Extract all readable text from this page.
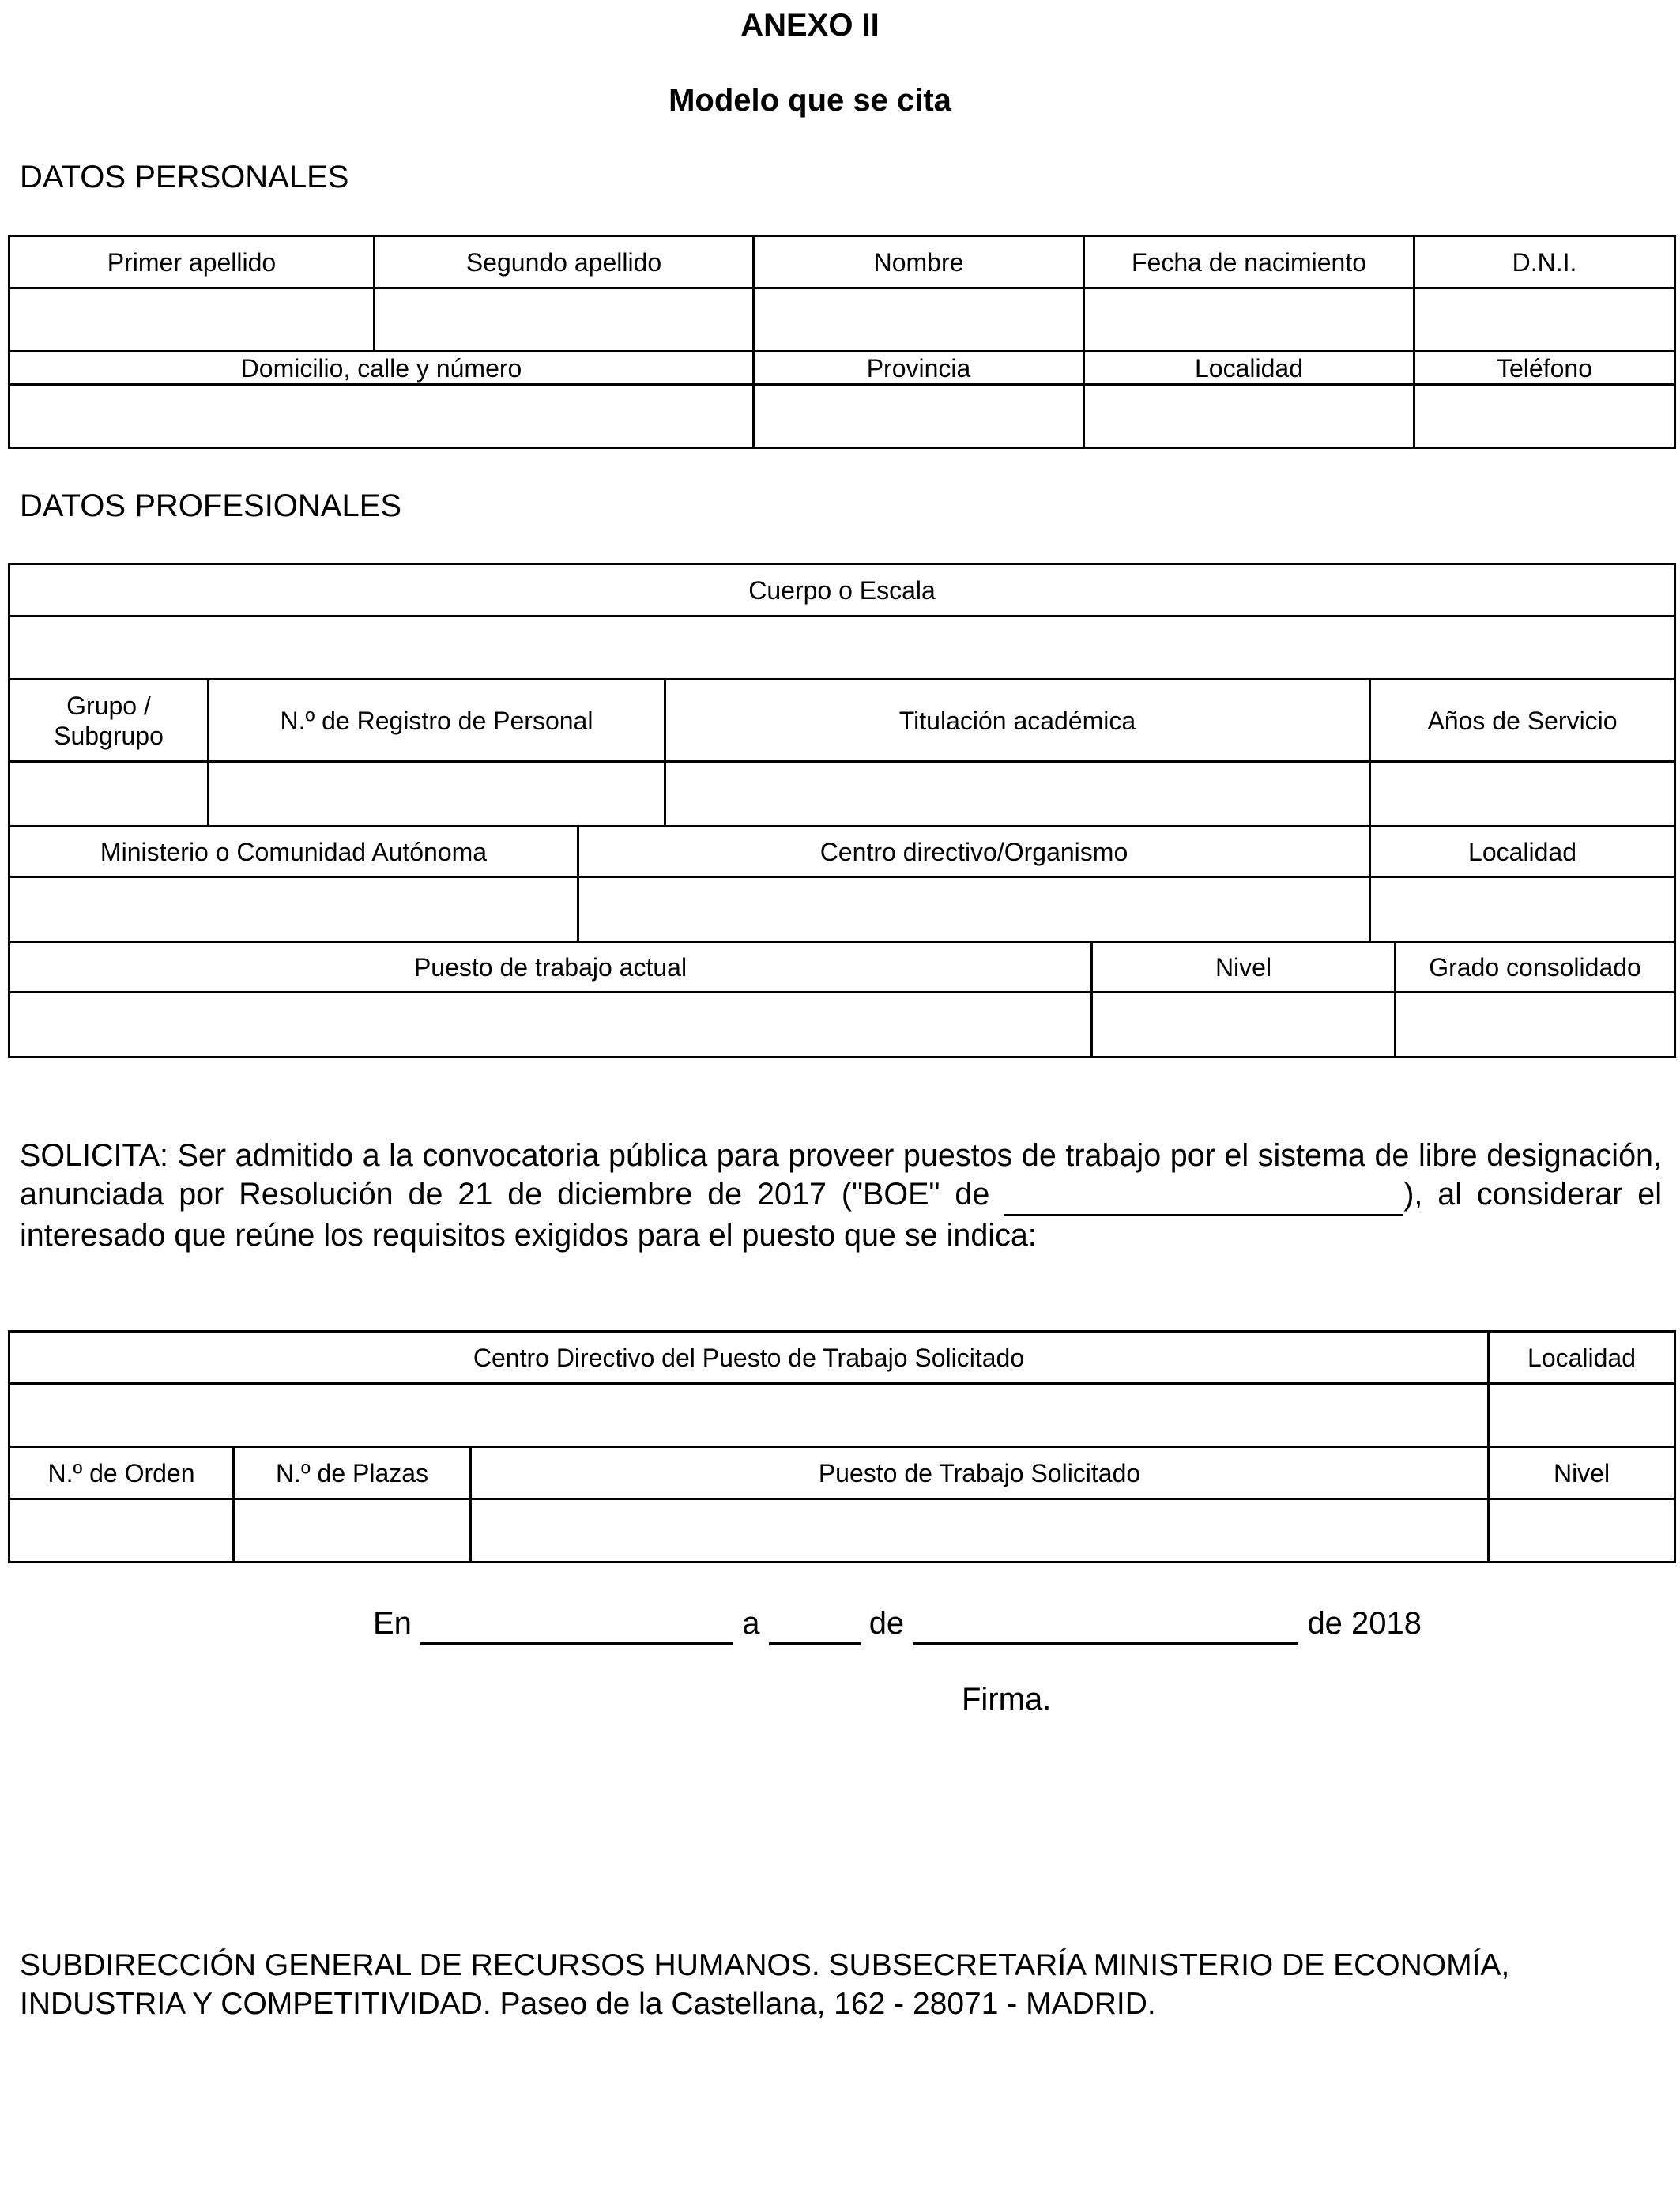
ANEXO II
Modelo que se cita
DATOS PERSONALES
Primer apellido	Segundo apellido	Nombre	Fecha de nacimiento	D.N.I.

Domicilio, calle y número		Provincia	Localidad	Teléfono

DATOS PROFESIONALES
Cuerpo o Escala						

Grupo / Subgrupo	N.º de Registro de Personal		Titulación académica		Años de Servicio	

Ministerio o Comunidad Autónoma		Centro directivo/Organismo			Localidad	

Puesto de trabajo actual				Nivel		Grado consolidado

SOLICITA: Ser admitido a la convocatoria pública para proveer puestos de trabajo por el sistema de libre designación, anunciada por Resolución de 21 de diciembre de 2017 ("BOE" de	), al considerar el interesado que reúne los requisitos exigidos para el puesto que se indica:
Centro Directivo del Puesto de Trabajo Solicitado			Localidad

N.º de Orden	N.º de Plazas	Puesto de Trabajo Solicitado	Nivel

En	a	de	de 2018
Firma.
SUBDIRECCIÓN GENERAL DE RECURSOS HUMANOS. SUBSECRETARÍA MINISTERIO DE ECONOMÍA, INDUSTRIA Y COMPETITIVIDAD. Paseo de la Castellana, 162 - 28071 - MADRID.
